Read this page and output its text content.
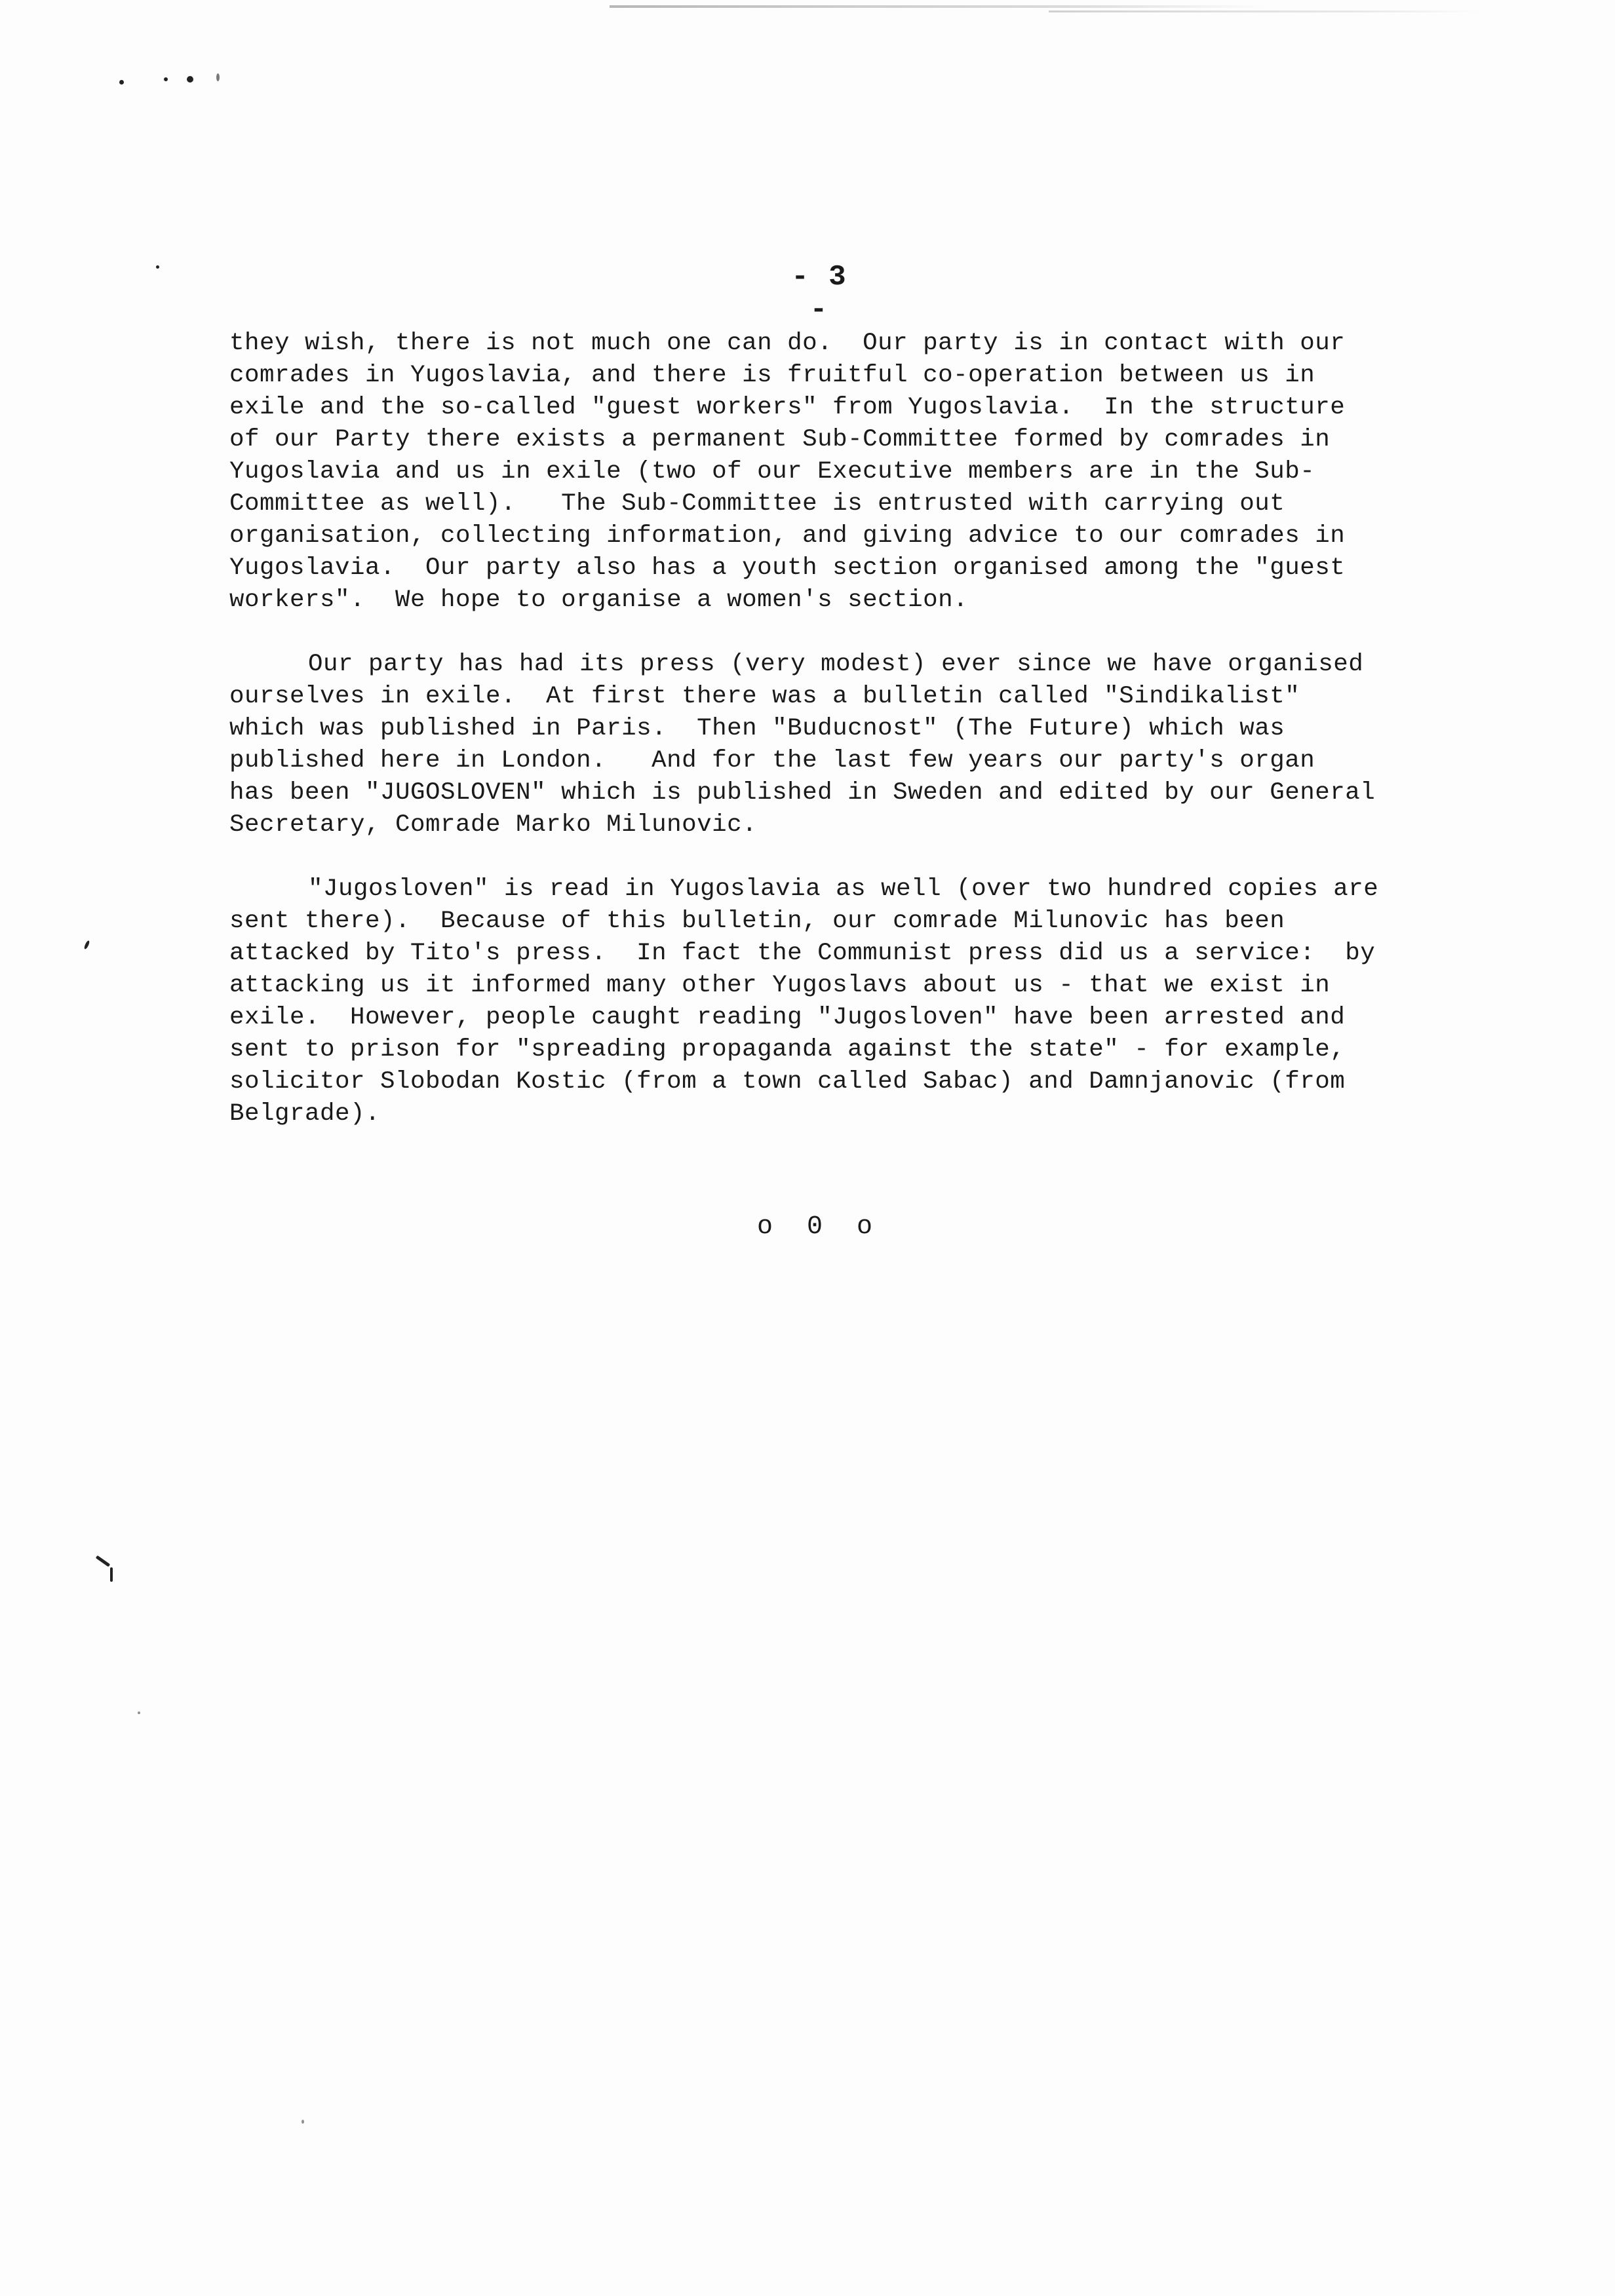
- 3 -

they wish, there is not much one can do.  Our party is in contact with our
comrades in Yugoslavia, and there is fruitful co-operation between us in
exile and the so-called "guest workers" from Yugoslavia.  In the structure
of our Party there exists a permanent Sub-Committee formed by comrades in
Yugoslavia and us in exile (two of our Executive members are in the Sub-
Committee as well).   The Sub-Committee is entrusted with carrying out
organisation, collecting information, and giving advice to our comrades in
Yugoslavia.  Our party also has a youth section organised among the "guest
workers".  We hope to organise a women's section.

Our party has had its press (very modest) ever since we have organised
ourselves in exile.  At first there was a bulletin called "Sindikalist"
which was published in Paris.  Then "Buducnost" (The Future) which was
published here in London.   And for the last few years our party's organ
has been "JUGOSLOVEN" which is published in Sweden and edited by our General
Secretary, Comrade Marko Milunovic.

"Jugosloven" is read in Yugoslavia as well (over two hundred copies are
sent there).  Because of this bulletin, our comrade Milunovic has been
attacked by Tito's press.  In fact the Communist press did us a service:  by
attacking us it informed many other Yugoslavs about us - that we exist in
exile.  However, people caught reading "Jugosloven" have been arrested and
sent to prison for "spreading propaganda against the state" - for example,
solicitor Slobodan Kostic (from a town called Sabac) and Damnjanovic (from
Belgrade).

o 0 o
